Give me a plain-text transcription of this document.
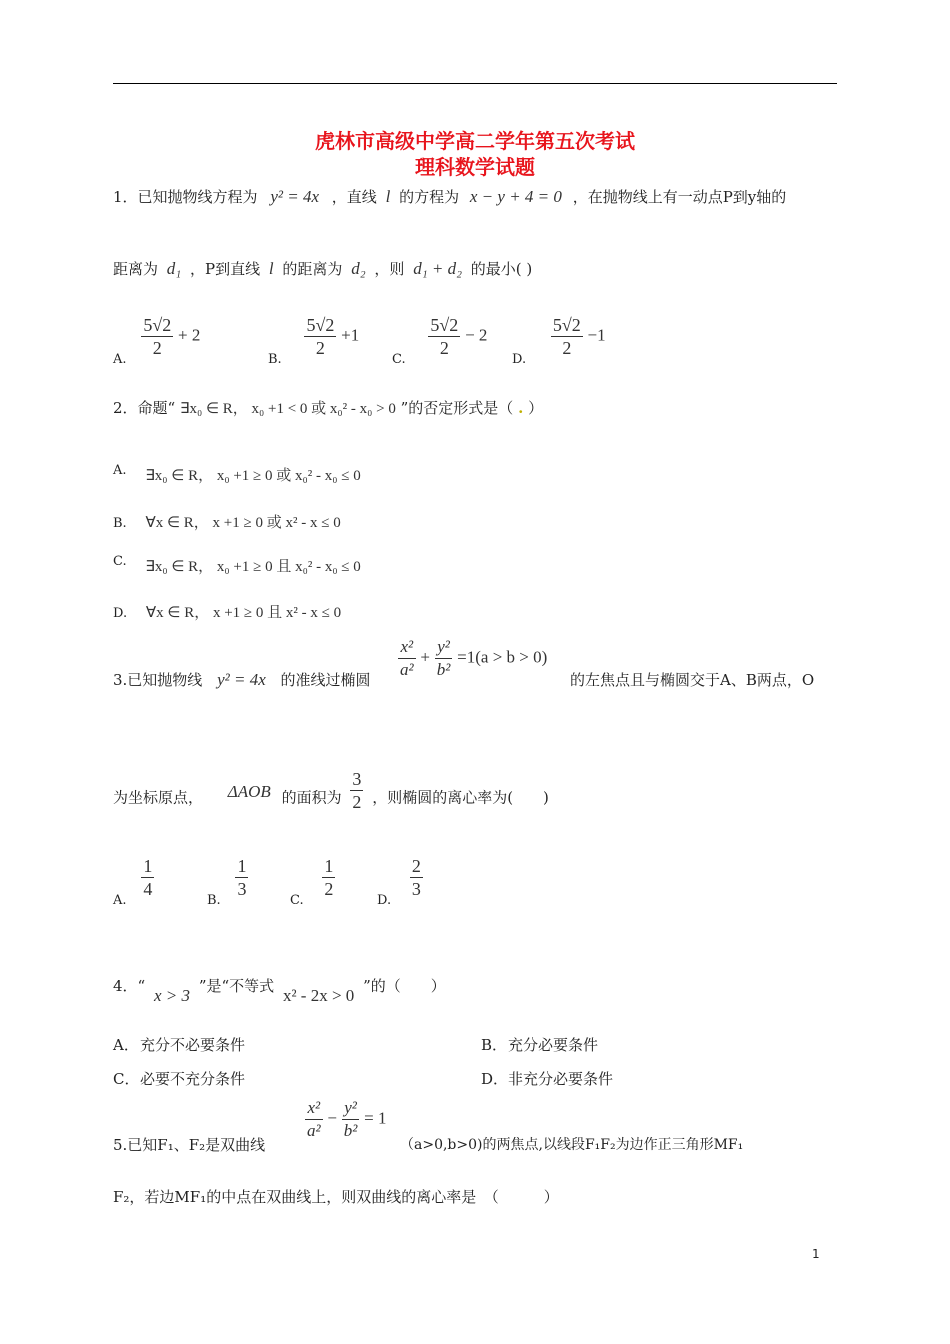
虎林市高级中学高二学年第五次考试
理科数学试题
1．已知抛物线方程为 y² = 4x ，直线 l 的方程为 x − y + 4 = 0 ，在抛物线上有一动点P到y轴的
距离为 d₁ ，P到直线 l 的距离为 d₂ ，则 d₁ + d₂ 的最小( )
A. $\frac{5√2}{2} + 2$
B. $\frac{5√2}{2} +1$
C. $\frac{5√2}{2} - 2$
D. $\frac{5√2}{2} -1$
2．命题“ ∃x₀ ∈ R， x₀ +1 < 0 或 x₀² - x₀ > 0 ”的否定形式是（ . ）
A. ∃x₀ ∈ R， x₀ +1 ≥ 0 或 x₀² - x₀ ≤ 0
B. ∀x ∈ R， x +1 ≥ 0 或 x² - x ≤ 0
C. ∃x₀ ∈ R， x₀ +1 ≥ 0 且 x₀² - x₀ ≤ 0
D. ∀x ∈ R， x +1 ≥ 0 且 x² - x ≤ 0
3.已知抛物线 y² = 4x 的准线过椭圆 $\frac{\text{x²}}{\text{a²}} + \frac{\text{y²}}{\text{b²}} =1(a > b > 0)$
的左焦点且与椭圆交于A、B两点，O
为坐标原点， ΔAOB 的面积为 $\frac{3}{2}$ ，则椭圆的离心率为(　　)
A. $\frac{1}{4}$	B. $\frac{1}{3}$	C. $\frac{1}{2}$	D. $\frac{2}{3}$
4．“ x > 3 ”是“不等式 x² - 2x > 0 ”的（　　）
A． 充分不必要条件	B． 充分必要条件
C． 必要不充分条件	D． 非充分必要条件
5.已知F₁、F₂是双曲线
$\frac{\text{x²}}{\text{a²}} - \frac{\text{y²}}{\text{b²}} = 1$
（a>0,b>0)的两焦点,以线段F₁F₂为边作正三角形MF₁
F₂，若边MF₁的中点在双曲线上，则双曲线的离心率是　（　　　）
1
